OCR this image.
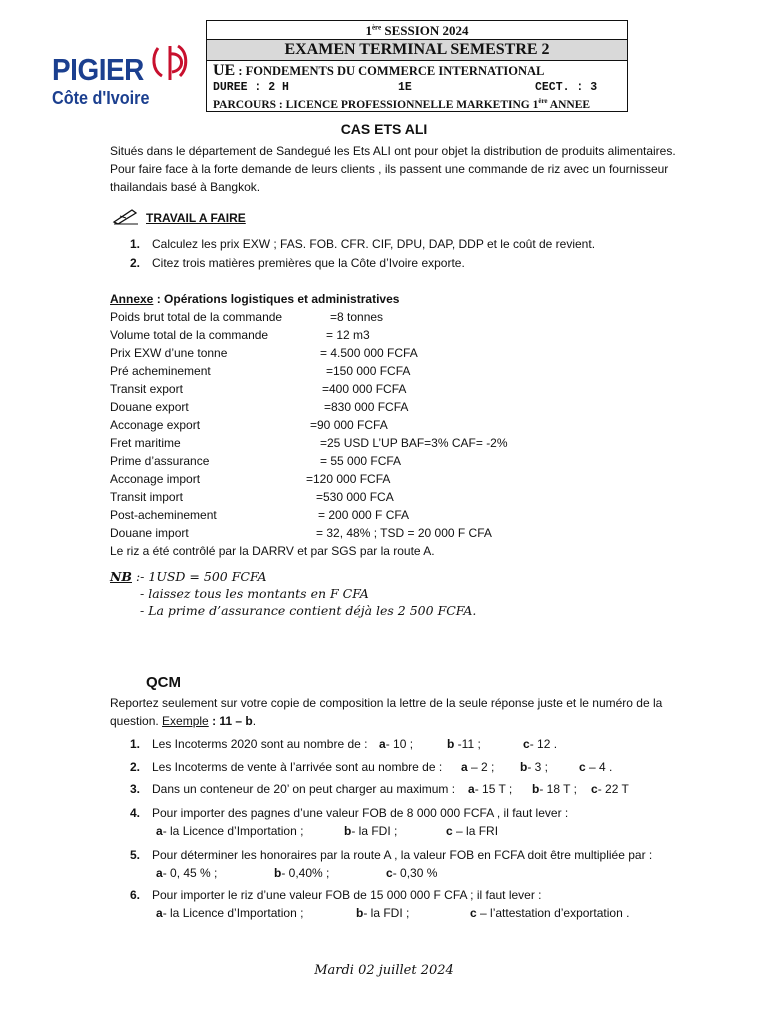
PIGIER
Côte d'Ivoire
1ère SESSION 2024
EXAMEN TERMINAL SEMESTRE 2
UE : FONDEMENTS DU COMMERCE INTERNATIONAL
DUREE : 2 H	1E	CECT. : 3
PARCOURS : LICENCE PROFESSIONNELLE MARKETING 1ère ANNEE
CAS ETS ALI
Situés dans le département de Sandegué les Ets ALI ont pour objet la distribution de produits alimentaires. Pour faire face à la forte demande de leurs clients , ils passent une commande de riz avec un fournisseur thailandais basé à Bangkok.
TRAVAIL A FAIRE
1. Calculez les prix EXW ; FAS. FOB. CFR. CIF, DPU, DAP, DDP et le coût de revient.
2. Citez trois matières premières que la Côte d’Ivoire exporte.
Annexe : Opérations logistiques et administratives
Poids brut total de la commande	=8 tonnes
Volume total de la commande	= 12 m3
Prix EXW d’une tonne	= 4.500 000 FCFA
Pré acheminement	=150 000 FCFA
Transit export	=400 000 FCFA
Douane export	=830 000 FCFA
Acconage export	=90 000 FCFA
Fret maritime	=25 USD L’UP BAF=3% CAF= -2%
Prime d’assurance	= 55 000 FCFA
Acconage import	=120 000 FCFA
Transit import	=530 000 FCA
Post-acheminement	= 200 000 F CFA
Douane import	= 32, 48% ; TSD = 20 000 F CFA
Le riz a été contrôlé par la DARRV et par SGS par la route A.
NB :- 1USD = 500 FCFA
- laissez tous les montants en F CFA
- La prime d’assurance contient déjà les 2 500 FCFA.
QCM
Reportez seulement sur votre copie de composition la lettre de la seule réponse juste et le numéro de la question. Exemple : 11 – b.
1. Les Incoterms 2020 sont au nombre de : a- 10 ;	b -11 ;	c- 12 .
2. Les Incoterms de vente à l’arrivée sont au nombre de : a – 2 ; b- 3 ;	c – 4 .
3. Dans un conteneur de 20’ on peut charger au maximum : a- 15 T ; b- 18 T ; c- 22 T
4. Pour importer des pagnes d’une valeur FOB de 8 000 000 FCFA , il faut lever :
a- la Licence d’Importation ;	b- la FDI ;	c – la FRI
5. Pour déterminer les honoraires par la route A , la valeur FOB en FCFA doit être multipliée par :
a- 0, 45 % ;	b- 0,40% ;	c- 0,30 %
6. Pour importer le riz d’une valeur FOB de 15 000 000 F CFA ; il faut lever :
a- la Licence d’Importation ;	b- la FDI ;	c – l’attestation d’exportation .
Mardi 02 juillet 2024
